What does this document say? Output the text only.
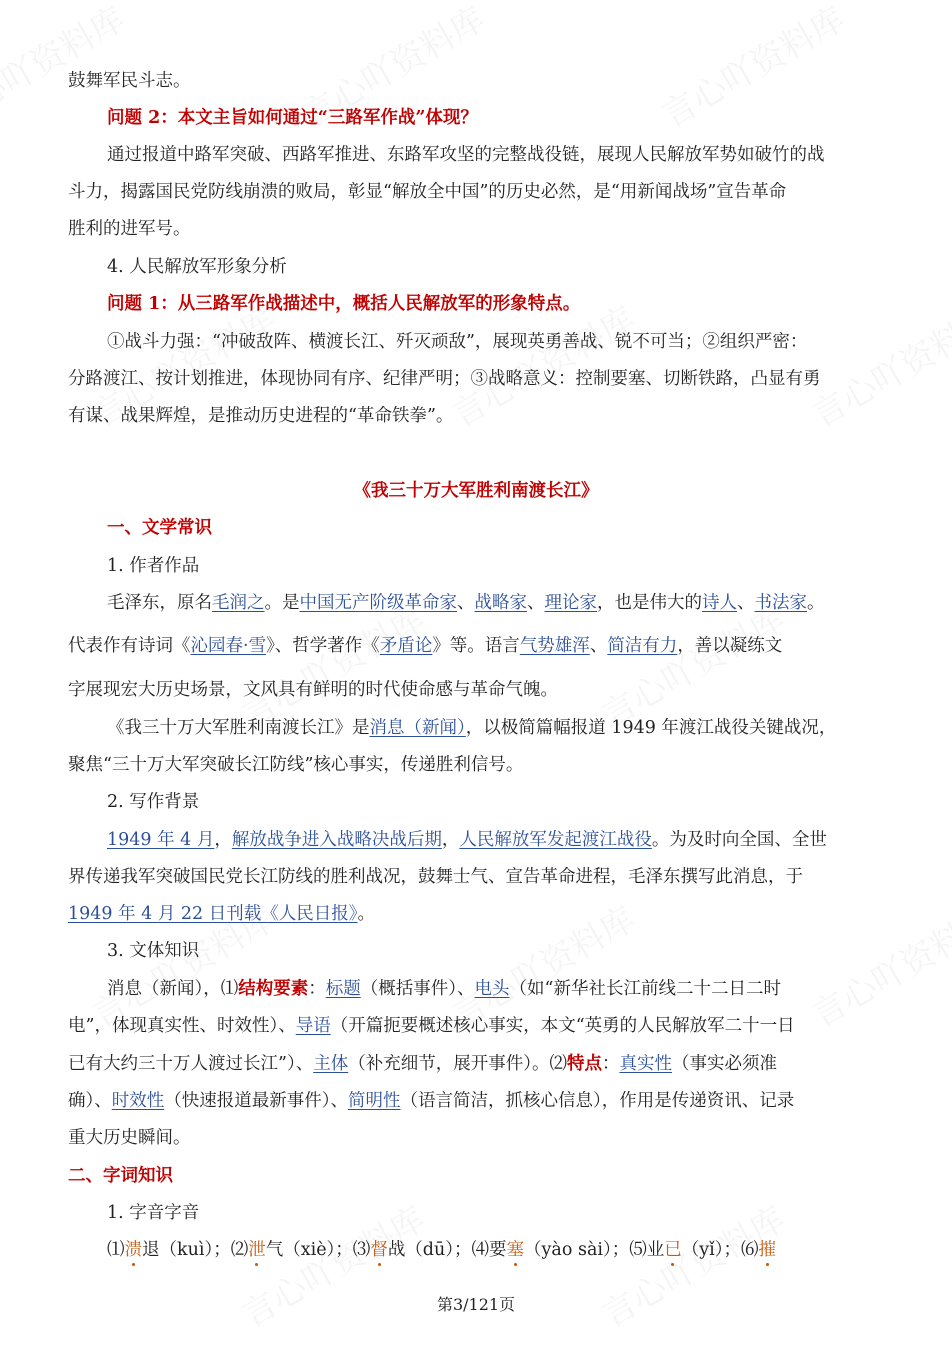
鼓舞军民斗志。
问题 2：本文主旨如何通过“三路军作战”体现？
通过报道中路军突破、西路军推进、东路军攻坚的完整战役链，展现人民解放军势如破竹的战
斗力，揭露国民党防线崩溃的败局，彰显“解放全中国”的历史必然，是“用新闻战场”宣告革命
胜利的进军号。
4. 人民解放军形象分析
问题 1：从三路军作战描述中，概括人民解放军的形象特点。
①战斗力强：“冲破敌阵、横渡长江、歼灭顽敌”，展现英勇善战、锐不可当；②组织严密：
分路渡江、按计划推进，体现协同有序、纪律严明；③战略意义：控制要塞、切断铁路，凸显有勇
有谋、战果辉煌，是推动历史进程的“革命铁拳”。
《我三十万大军胜利南渡长江》
一、文学常识
1. 作者作品
毛泽东，原名毛润之。是中国无产阶级革命家、战略家、理论家，也是伟大的诗人、书法家。
代表作有诗词《沁园春·雪》、哲学著作《矛盾论》等。语言气势雄浑、简洁有力，善以凝练文
字展现宏大历史场景，文风具有鲜明的时代使命感与革命气魄。
《我三十万大军胜利南渡长江》是消息（新闻），以极简篇幅报道 1949 年渡江战役关键战况，
聚焦“三十万大军突破长江防线”核心事实，传递胜利信号。
2. 写作背景
1949 年 4 月，解放战争进入战略决战后期，人民解放军发起渡江战役。为及时向全国、全世
界传递我军突破国民党长江防线的胜利战况，鼓舞士气、宣告革命进程，毛泽东撰写此消息，于
1949 年 4 月 22 日刊载《人民日报》。
3. 文体知识
消息（新闻），⑴结构要素：标题（概括事件）、电头（如“新华社长江前线二十二日二时
电”，体现真实性、时效性）、导语（开篇扼要概述核心事实，本文“英勇的人民解放军二十一日
已有大约三十万人渡过长江”）、主体（补充细节，展开事件）。⑵特点：真实性（事实必须准
确）、时效性（快速报道最新事件）、简明性（语言简洁，抓核心信息），作用是传递资讯、记录
重大历史瞬间。
二、字词知识
1. 字音字音
⑴溃退（kuì）；⑵泄气（xiè）；⑶督战（dū）；⑷要塞（yào sài）；⑸业已（yǐ）；⑹摧
第3/121页
